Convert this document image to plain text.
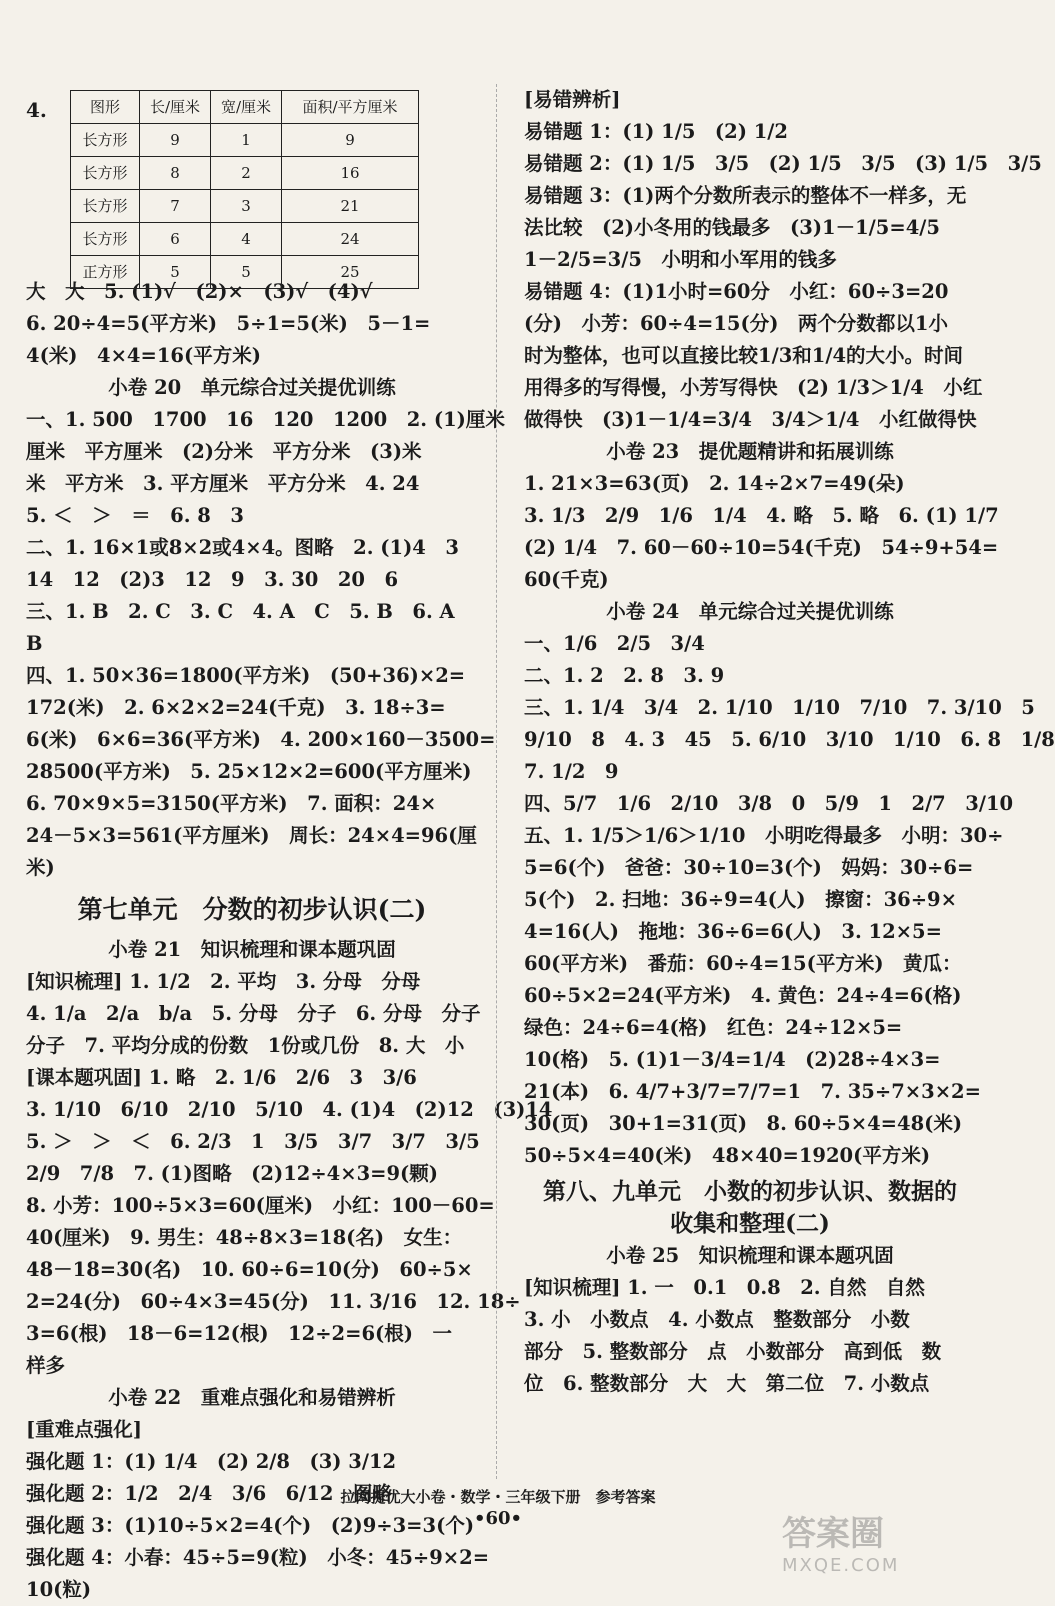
4.	图形	长/厘米	宽/厘米	面积/平方厘米
长方形	9	1	9
长方形	8	2	16
长方形	7	3	21
长方形	6	4	24
正方形	5	5	25
大　大　5. (1)√　(2)×　(3)√　(4)√
6. 20÷4=5(平方米)　5÷1=5(米)　5－1=
4(米)　4×4=16(平方米)
小卷 20　单元综合过关提优训练
一、1. 500　1700　16　120　1200　2. (1)厘米
厘米　平方厘米　(2)分米　平方分米　(3)米
米　平方米　3. 平方厘米　平方分米　4. 24
5. ＜　＞　＝　6. 8　3
二、1. 16×1或8×2或4×4。图略　2. (1)4　3
14　12　(2)3　12　9　3. 30　20　6
三、1. B　2. C　3. C　4. A　C　5. B　6. A
B
四、1. 50×36=1800(平方米)　(50+36)×2=
172(米)　2. 6×2×2=24(千克)　3. 18÷3=
6(米)　6×6=36(平方米)　4. 200×160－3500=
28500(平方米)　5. 25×12×2=600(平方厘米)
6. 70×9×5=3150(平方米)　7. 面积：24×
24－5×3=561(平方厘米)　周长：24×4=96(厘
米)
第七单元　分数的初步认识(二)
小卷 21　知识梳理和课本题巩固
[知识梳理] 1. 1/2　2. 平均　3. 分母　分母
4. 1/a　2/a　b/a　5. 分母　分子　6. 分母　分子
分子　7. 平均分成的份数　1份或几份　8. 大　小
[课本题巩固] 1. 略　2. 1/6　2/6　3　3/6
3. 1/10　6/10　2/10　5/10　4. (1)4　(2)12　(3)14
5. ＞　＞　＜　6. 2/3　1　3/5　3/7　3/7　3/5
2/9　7/8　7. (1)图略　(2)12÷4×3=9(颗)
8. 小芳：100÷5×3=60(厘米)　小红：100－60=
40(厘米)　9. 男生：48÷8×3=18(名)　女生：
48－18=30(名)　10. 60÷6=10(分)　60÷5×
2=24(分)　60÷4×3=45(分)　11. 3/16　12. 18÷
3=6(根)　18－6=12(根)　12÷2=6(根)　一
样多
小卷 22　重难点强化和易错辨析
[重难点强化]
强化题 1：(1) 1/4　(2) 2/8　(3) 3/12
强化题 2：1/2　2/4　3/6　6/12　图略
强化题 3：(1)10÷5×2=4(个)　(2)9÷3=3(个)
强化题 4：小春：45÷5=9(粒)　小冬：45÷9×2=
10(粒)
[易错辨析]
易错题 1：(1) 1/5　(2) 1/2
易错题 2：(1) 1/5　3/5　(2) 1/5　3/5　(3) 1/5　3/5
易错题 3：(1)两个分数所表示的整体不一样多，无
法比较　(2)小冬用的钱最多　(3)1－1/5=4/5
1－2/5=3/5　小明和小军用的钱多
易错题 4：(1)1小时=60分　小红：60÷3=20
(分)　小芳：60÷4=15(分)　两个分数都以1小
时为整体，也可以直接比较1/3和1/4的大小。时间
用得多的写得慢，小芳写得快　(2) 1/3＞1/4　小红
做得快　(3)1－1/4=3/4　3/4＞1/4　小红做得快
小卷 23　提优题精讲和拓展训练
1. 21×3=63(页)　2. 14÷2×7=49(朵)
3. 1/3　2/9　1/6　1/4　4. 略　5. 略　6. (1) 1/7
(2) 1/4　7. 60－60÷10=54(千克)　54÷9+54=
60(千克)
小卷 24　单元综合过关提优训练
一、1/6　2/5　3/4
二、1. 2　2. 8　3. 9
三、1. 1/4　3/4　2. 1/10　1/10　7/10　7. 3/10　5
9/10　8　4. 3　45　5. 6/10　3/10　1/10　6. 8　1/8
7. 1/2　9
四、5/7　1/6　2/10　3/8　0　5/9　1　2/7　3/10
五、1. 1/5＞1/6＞1/10　小明吃得最多　小明：30÷
5=6(个)　爸爸：30÷10=3(个)　妈妈：30÷6=
5(个)　2. 扫地：36÷9=4(人)　擦窗：36÷9×
4=16(人)　拖地：36÷6=6(人)　3. 12×5=
60(平方米)　番茄：60÷4=15(平方米)　黄瓜：
60÷5×2=24(平方米)　4. 黄色：24÷4=6(格)
绿色：24÷6=4(格)　红色：24÷12×5=
10(格)　5. (1)1－3/4=1/4　(2)28÷4×3=
21(本)　6. 4/7+3/7=7/7=1　7. 35÷7×3×2=
30(页)　30+1=31(页)　8. 60÷5×4=48(米)
50÷5×4=40(米)　48×40=1920(平方米)
第八、九单元　小数的初步认识、数据的
收集和整理(二)
小卷 25　知识梳理和课本题巩固
[知识梳理] 1. 一　0.1　0.8　2. 自然　自然
3. 小　小数点　4. 小数点　整数部分　小数
部分　5. 整数部分　点　小数部分　高到低　数
位　6. 整数部分　大　大　第二位　7. 小数点
拉网提优大小卷・数学・三年级下册　参考答案
•60•	答案圈
MXQE.COM
